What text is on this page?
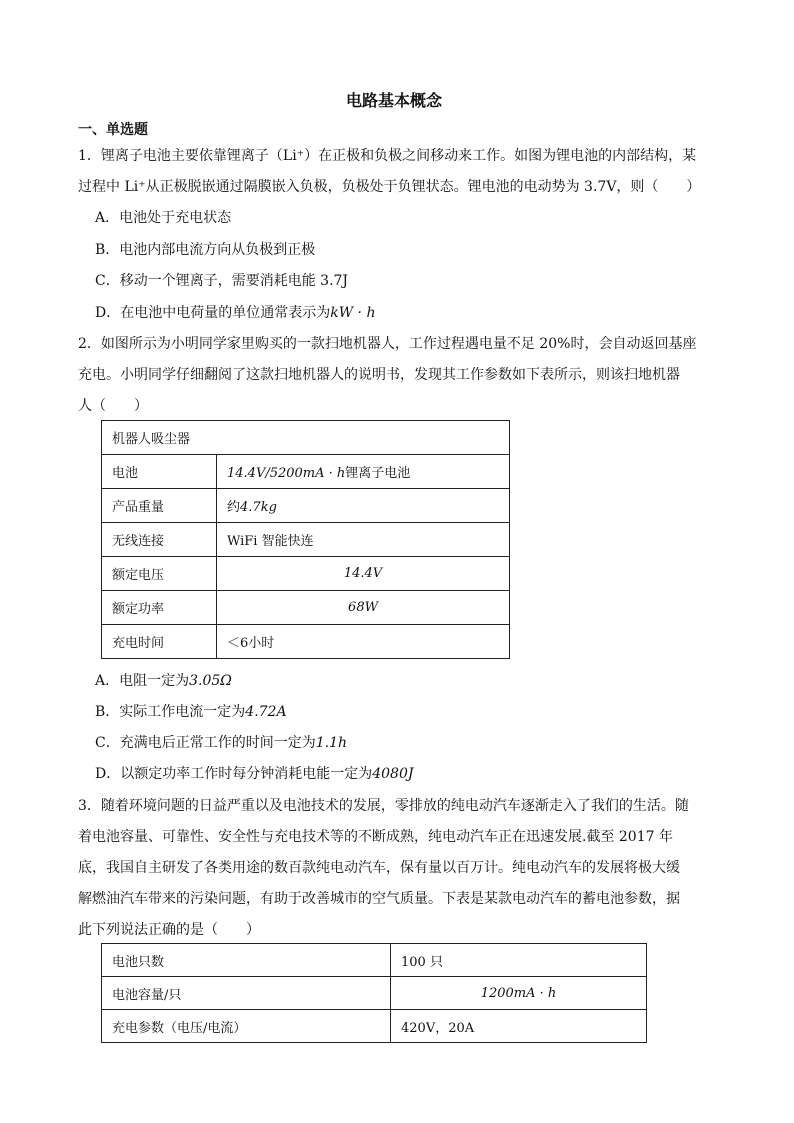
电路基本概念
一、单选题
1．锂离子电池主要依靠锂离子（Li⁺）在正极和负极之间移动来工作。如图为锂电池的内部结构，某
过程中 Li⁺从正极脱嵌通过隔膜嵌入负极，负极处于负锂状态。锂电池的电动势为 3.7V，则（　　）
A．电池处于充电状态
B．电池内部电流方向从负极到正极
C．移动一个锂离子，需要消耗电能 3.7J
D．在电池中电荷量的单位通常表示为kW · h
2．如图所示为小明同学家里购买的一款扫地机器人，工作过程遇电量不足 20%时，会自动返回基座
充电。小明同学仔细翻阅了这款扫地机器人的说明书，发现其工作参数如下表所示，则该扫地机器
人（　　）
机器人吸尘器	
电池	14.4V/5200mA · h锂离子电池
产品重量	约4.7kg
无线连接	WiFi 智能快连
额定电压	14.4V
额定功率	68W
充电时间	＜6小时
A．电阻一定为3.05Ω
B．实际工作电流一定为4.72A
C．充满电后正常工作的时间一定为1.1h
D．以额定功率工作时每分钟消耗电能一定为4080J
3．随着环境问题的日益严重以及电池技术的发展，零排放的纯电动汽车逐渐走入了我们的生活。随
着电池容量、可靠性、安全性与充电技术等的不断成熟，纯电动汽车正在迅速发展.截至 2017 年
底，我国自主研发了各类用途的数百款纯电动汽车，保有量以百万计。纯电动汽车的发展将极大缓
解燃油汽车带来的污染问题，有助于改善城市的空气质量。下表是某款电动汽车的蓄电池参数，据
此下列说法正确的是（　　）
电池只数	100 只
电池容量/只	1200mA · h
充电参数（电压/电流）	420V，20A
